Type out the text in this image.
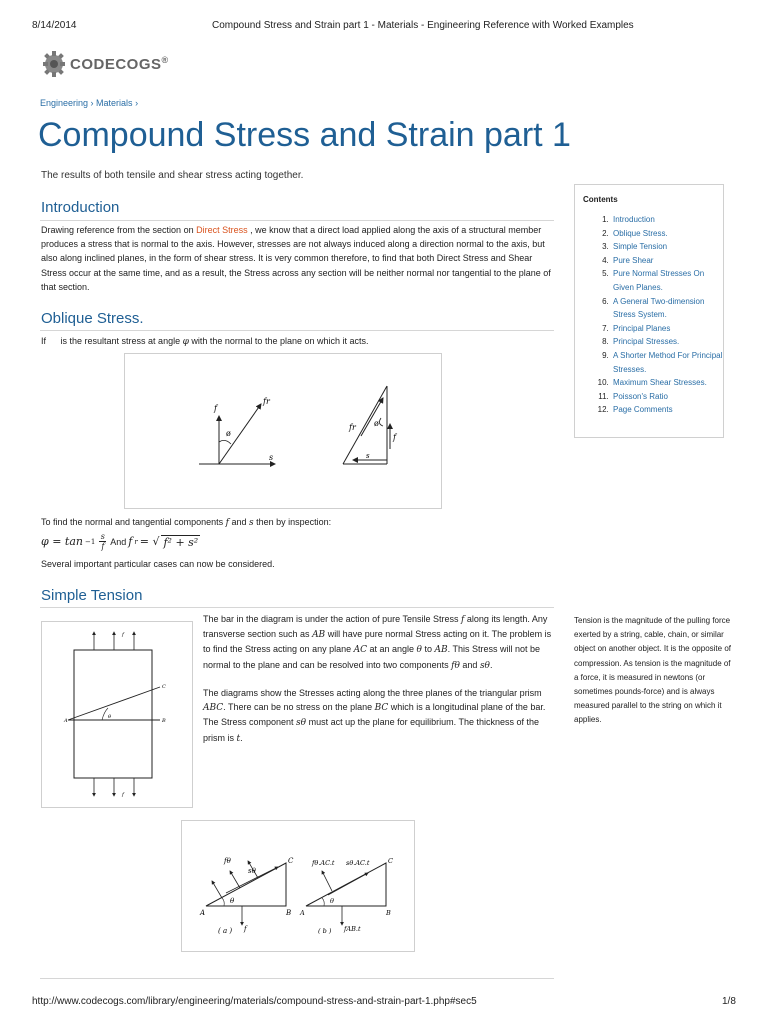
8/14/2014	Compound Stress and Strain part 1 - Materials - Engineering Reference with Worked Examples
CODECOGS®
Engineering › Materials ›
Compound Stress and Strain part 1
The results of both tensile and shear stress acting together.
Introduction
Drawing reference from the section on Direct Stress , we know that a direct load applied along the axis of a structural member produces a stress that is normal to the axis. However, stresses are not always induced along a direction normal to the axis, but also along inclined planes, in the form of shear stress. It is very common therefore, to find that both Direct Stress and Shear Stress occur at the same time, and as a result, the Stress across any section will be neither normal nor tangential to the plane of that section.
Oblique Stress.
If is the resultant stress at angle φ with the normal to the plane on which it acts.
f
fr
ø
s
fr ø
f
s
To find the normal and tangential components f and s then by inspection:
φ = tan −1
s
f And f r = √ f² + s²
Several important particular cases can now be considered.
Simple Tension
A	B
C
θ
f
f
The bar in the diagram is under the action of pure Tensile Stress f along its length. Any transverse section such as AB will have pure normal Stress acting on it. The problem is to find the Stress acting on any plane AC at an angle θ to AB. This Stress will not be normal to the plane and can be resolved into two components fθ and sθ.
The diagrams show the Stresses acting along the three planes of the triangular prism ABC. There can be no stress on the plane BC which is a longitudinal plane of the bar. The Stress component sθ must act up the plane for equilibrium. The thickness of the prism is t.
fθ
sθ
C
A	B
θ
( a ) f
fθ.AC.t sθ.AC.t	C
A	B
θ
( b ) fAB.t
Contents
1. Introduction
2. Oblique Stress.
3. Simple Tension
4. Pure Shear
5. Pure Normal Stresses On Given Planes.
6. A General Two-dimension Stress System.
7. Principal Planes
8. Principal Stresses.
9. A Shorter Method For Principal Stresses.
10. Maximum Shear Stresses.
11. Poisson's Ratio
12. Page Comments
Tension is the magnitude of the pulling force exerted by a string, cable, chain, or similar object on another object. It is the opposite of compression. As tension is the magnitude of a force, it is measured in newtons (or sometimes pounds-force) and is always measured parallel to the string on which it applies.
http://www.codecogs.com/library/engineering/materials/compound-stress-and-strain-part-1.php#sec5	1/8
